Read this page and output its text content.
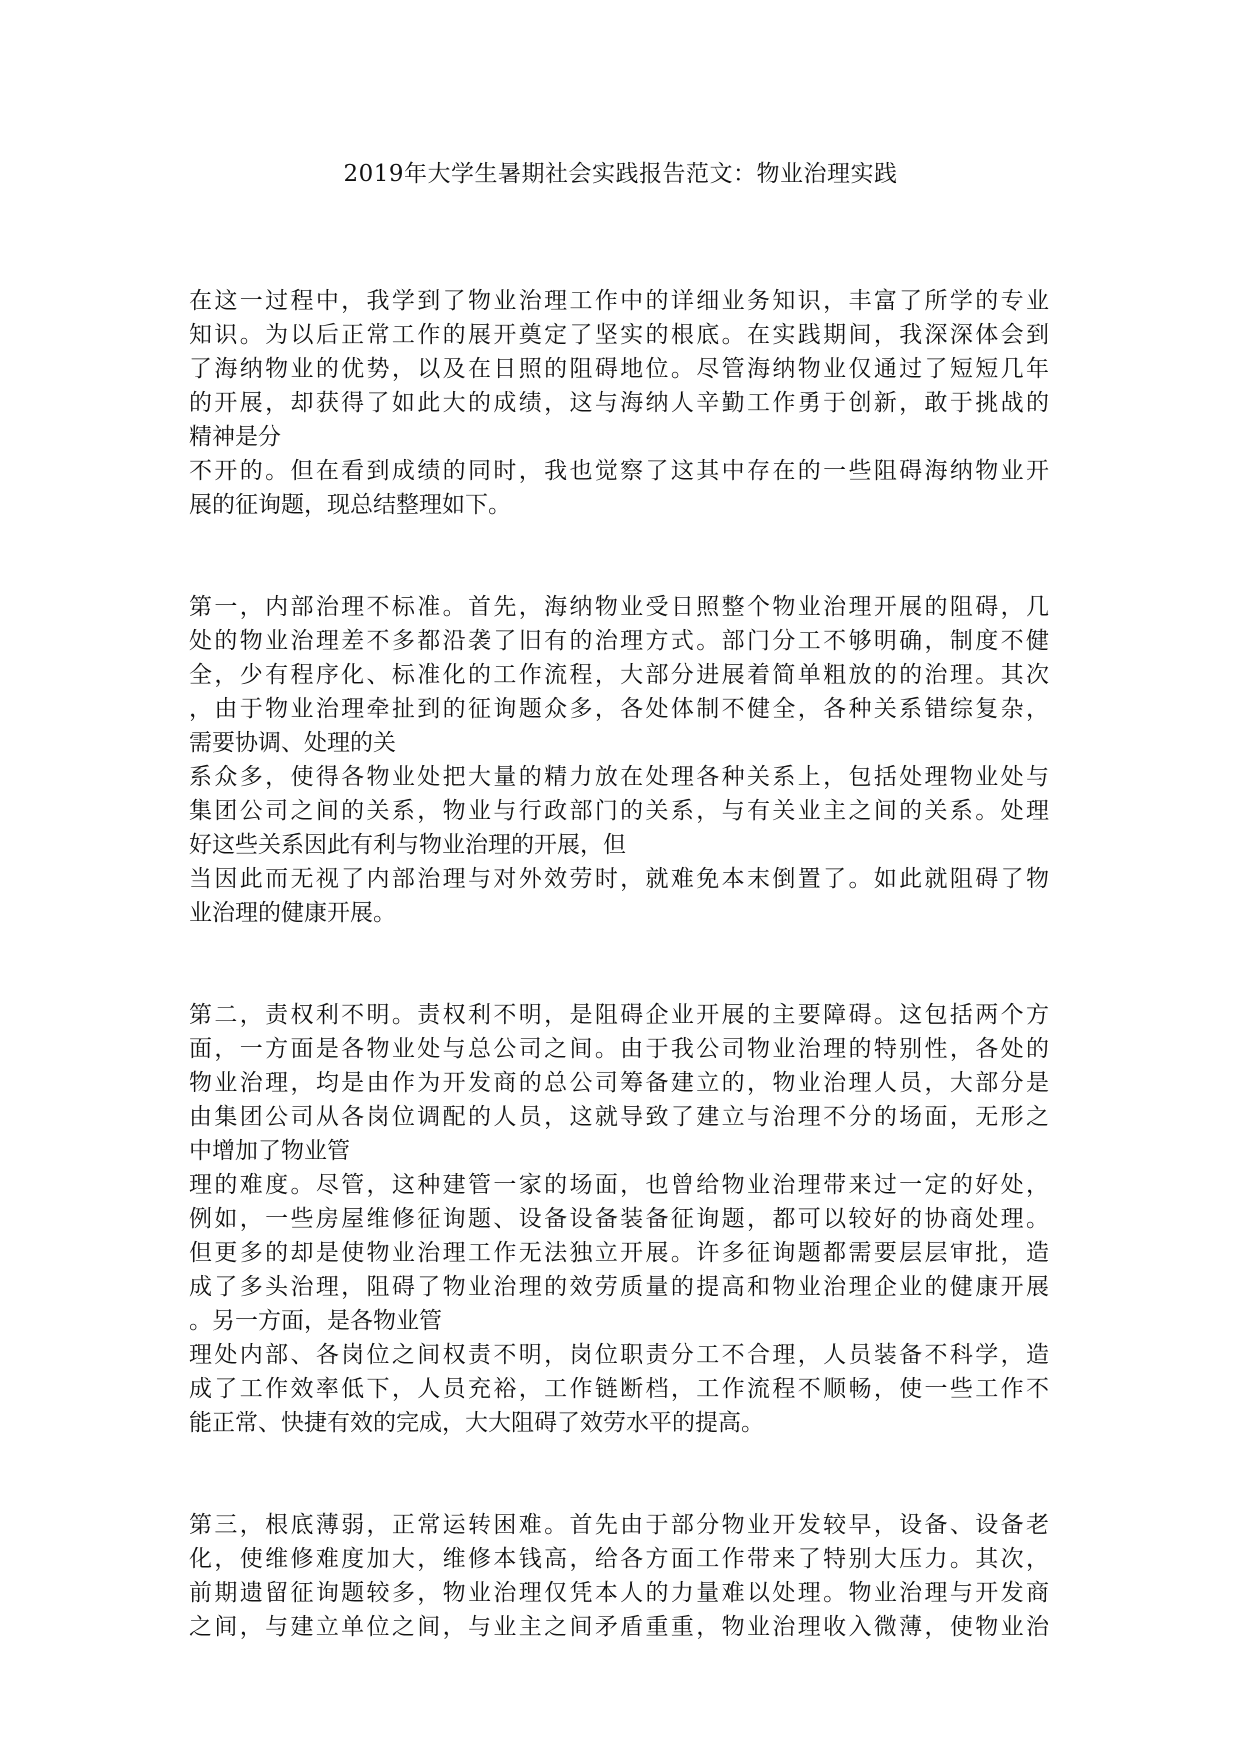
2019年大学生暑期社会实践报告范文：物业治理实践
在这一过程中，我学到了物业治理工作中的详细业务知识，丰富了所学的专业
知识。为以后正常工作的展开奠定了坚实的根底。在实践期间，我深深体会到
了海纳物业的优势，以及在日照的阻碍地位。尽管海纳物业仅通过了短短几年
的开展，却获得了如此大的成绩，这与海纳人辛勤工作勇于创新，敢于挑战的
精神是分
不开的。但在看到成绩的同时，我也觉察了这其中存在的一些阻碍海纳物业开
展的征询题，现总结整理如下。
第一，内部治理不标准。首先，海纳物业受日照整个物业治理开展的阻碍，几
处的物业治理差不多都沿袭了旧有的治理方式。部门分工不够明确，制度不健
全，少有程序化、标准化的工作流程，大部分进展着简单粗放的的治理。其次
，由于物业治理牵扯到的征询题众多，各处体制不健全，各种关系错综复杂，
需要协调、处理的关
系众多，使得各物业处把大量的精力放在处理各种关系上，包括处理物业处与
集团公司之间的关系，物业与行政部门的关系，与有关业主之间的关系。处理
好这些关系因此有利与物业治理的开展，但
当因此而无视了内部治理与对外效劳时，就难免本末倒置了。如此就阻碍了物
业治理的健康开展。
第二，责权利不明。责权利不明，是阻碍企业开展的主要障碍。这包括两个方
面，一方面是各物业处与总公司之间。由于我公司物业治理的特别性，各处的
物业治理，均是由作为开发商的总公司筹备建立的，物业治理人员，大部分是
由集团公司从各岗位调配的人员，这就导致了建立与治理不分的场面，无形之
中增加了物业管
理的难度。尽管，这种建管一家的场面，也曾给物业治理带来过一定的好处，
例如，一些房屋维修征询题、设备设备装备征询题，都可以较好的协商处理。
但更多的却是使物业治理工作无法独立开展。许多征询题都需要层层审批，造
成了多头治理，阻碍了物业治理的效劳质量的提高和物业治理企业的健康开展
。另一方面，是各物业管
理处内部、各岗位之间权责不明，岗位职责分工不合理，人员装备不科学，造
成了工作效率低下，人员充裕，工作链断档，工作流程不顺畅，使一些工作不
能正常、快捷有效的完成，大大阻碍了效劳水平的提高。
第三，根底薄弱，正常运转困难。首先由于部分物业开发较早，设备、设备老
化，使维修难度加大，维修本钱高，给各方面工作带来了特别大压力。其次，
前期遗留征询题较多，物业治理仅凭本人的力量难以处理。物业治理与开发商
之间，与建立单位之间，与业主之间矛盾重重，物业治理收入微薄，使物业治
